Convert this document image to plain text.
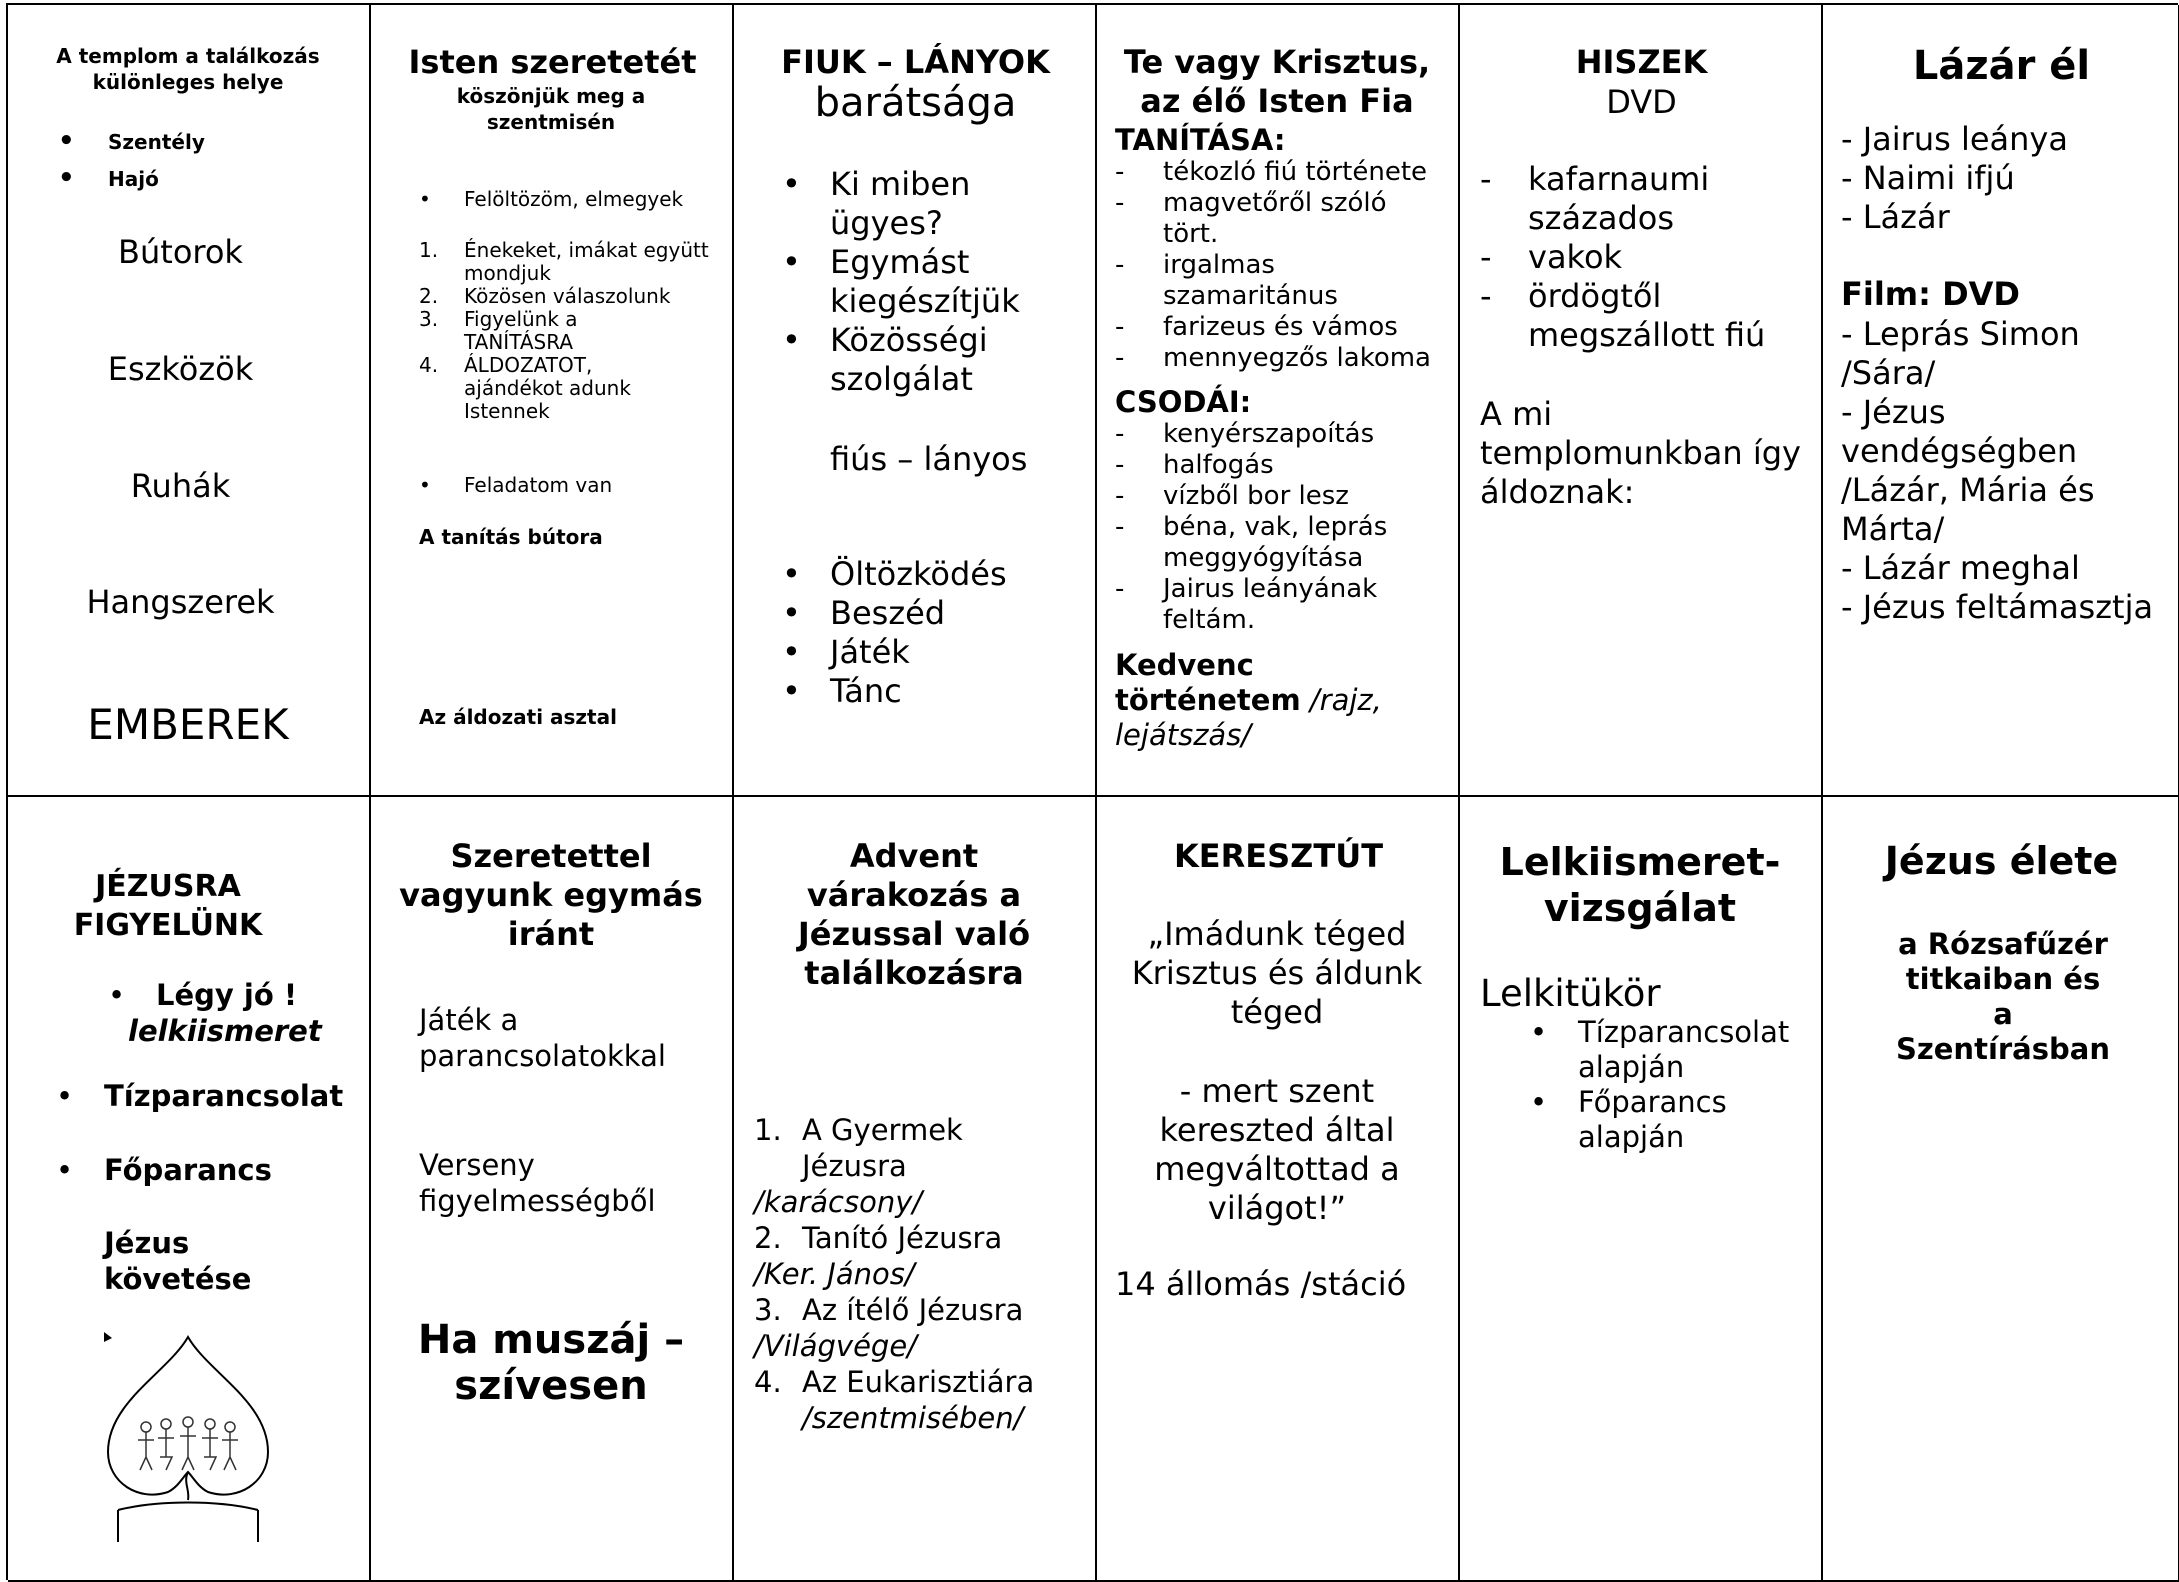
A templom a találkozás különleges helye
• Szentély
• Hajó
Bútorok
Eszközök
Ruhák
Hangszerek
EMBEREK
Isten szeretetét
köszönjük meg a szentmisén
• Felöltözöm, elmegyek
1. Énekeket, imákat együtt mondjuk
2. Közösen válaszolunk
3. Figyelünk a TANÍTÁSRA
4. ÁLDOZATOT, ajándékot adunk Istennek
• Feladatom van
A tanítás bútora
Az áldozati asztal
FIUK – LÁNYOK
barátsága
• Ki miben ügyes?
• Egymást kiegészítjük
• Közösségi szolgálat
fiús – lányos
• Öltözködés
• Beszéd
• Játék
• Tánc
Te vagy Krisztus, az élő Isten Fia
TANÍTÁSA:
- tékozló fiú története
- magvetőről szóló tört.
- irgalmas szamaritánus
- farizeus és vámos
- mennyegzős lakoma
CSODÁI:
- kenyérszapoítás
- halfogás
- vízből bor lesz
- béna, vak, leprás meggyógyítása
- Jairus leányának feltám.
Kedvenc történetem /rajz, lejátszás/
HISZEK
DVD
- kafarnaumi százados
- vakok
- ördögtől megszállott fiú
A mi templomunkban így áldoznak:
Lázár él
- Jairus leánya
- Naimi ifjú
- Lázár
Film: DVD
- Leprás Simon /Sára/
- Jézus vendégségben /Lázár, Mária és Márta/
- Lázár meghal
- Jézus feltámasztja
JÉZUSRA FIGYELÜNK
• Légy jó !
lelkiismeret
• Tízparancsolat
• Főparancs
Jézus követése
Szeretettel vagyunk egymás iránt
Játék a parancsolatokkal
Verseny figyelmességből
Ha muszáj – szívesen
Advent várakozás a Jézussal való találkozásra
1. A Gyermek Jézusra
/karácsony/
2. Tanító Jézusra
/Ker. János/
3. Az ítélő Jézusra
/Világvége/
4. Az Eukarisztiára
/szentmisében/
KERESZTÚT
„Imádunk téged Krisztus és áldunk téged
- mert szent kereszted által megváltottad a világot!”
14 állomás /stáció
Lelkiismeret-vizsgálat
Lelkitükör
• Tízparancsolat alapján
• Főparancs alapján
Jézus élete
a Rózsafűzér titkaiban és a Szentírásban
